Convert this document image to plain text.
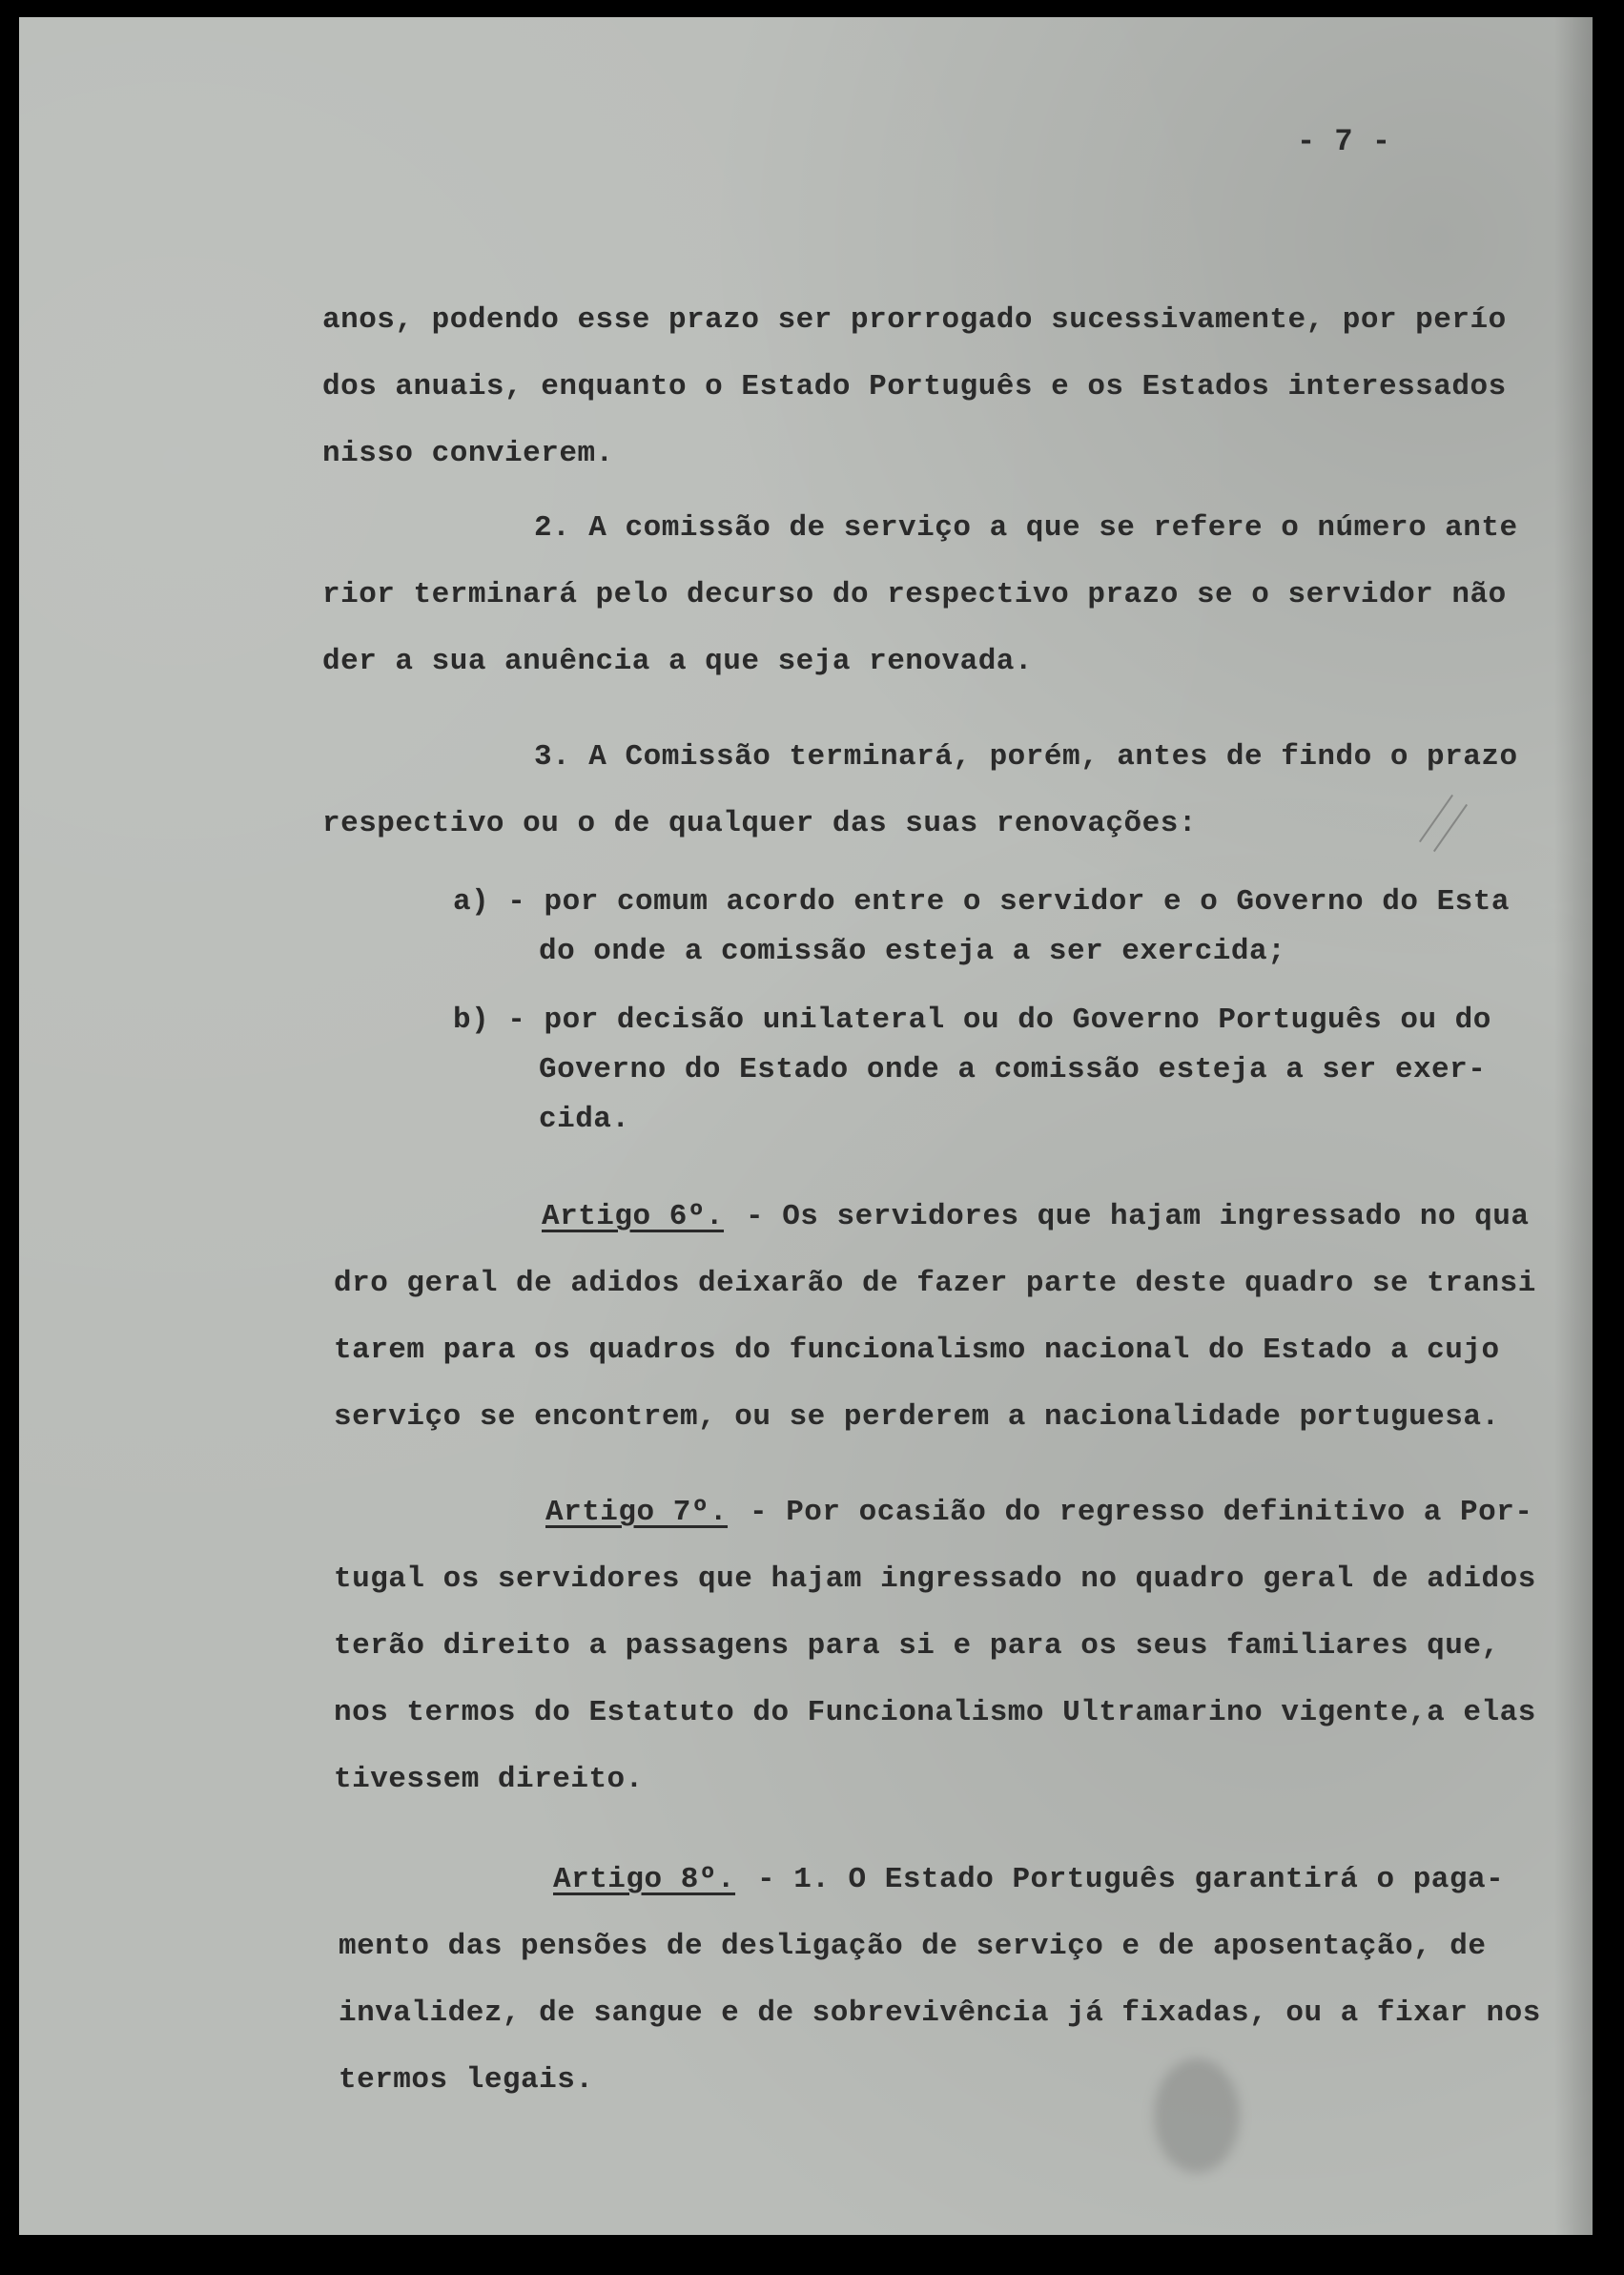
- 7 -
anos, podendo esse prazo ser prorrogado sucessivamente, por perío
dos anuais, enquanto o Estado Português e os Estados interessados
nisso convierem.
2. A comissão de serviço a que se refere o número ante
rior terminará pelo decurso do respectivo prazo se o servidor não
der a sua anuência a que seja renovada.
3. A Comissão terminará, porém, antes de findo o prazo
respectivo ou o de qualquer das suas renovações:
a) - por comum acordo entre o servidor e o Governo do Esta
do onde a comissão esteja a ser exercida;
b) - por decisão unilateral ou do Governo Português ou do
Governo do Estado onde a comissão esteja a ser exer-
cida.
Artigo 6º. - Os servidores que hajam ingressado no qua
dro geral de adidos deixarão de fazer parte deste quadro se transi
tarem para os quadros do funcionalismo nacional do Estado a cujo
serviço se encontrem, ou se perderem a nacionalidade portuguesa.
Artigo 7º. - Por ocasião do regresso definitivo a Por-
tugal os servidores que hajam ingressado no quadro geral de adidos
terão direito a passagens para si e para os seus familiares que,
nos termos do Estatuto do Funcionalismo Ultramarino vigente,a elas
tivessem direito.
Artigo 8º. - 1. O Estado Português garantirá o paga-
mento das pensões de desligação de serviço e de aposentação, de
invalidez, de sangue e de sobrevivência já fixadas, ou a fixar nos
termos legais.
